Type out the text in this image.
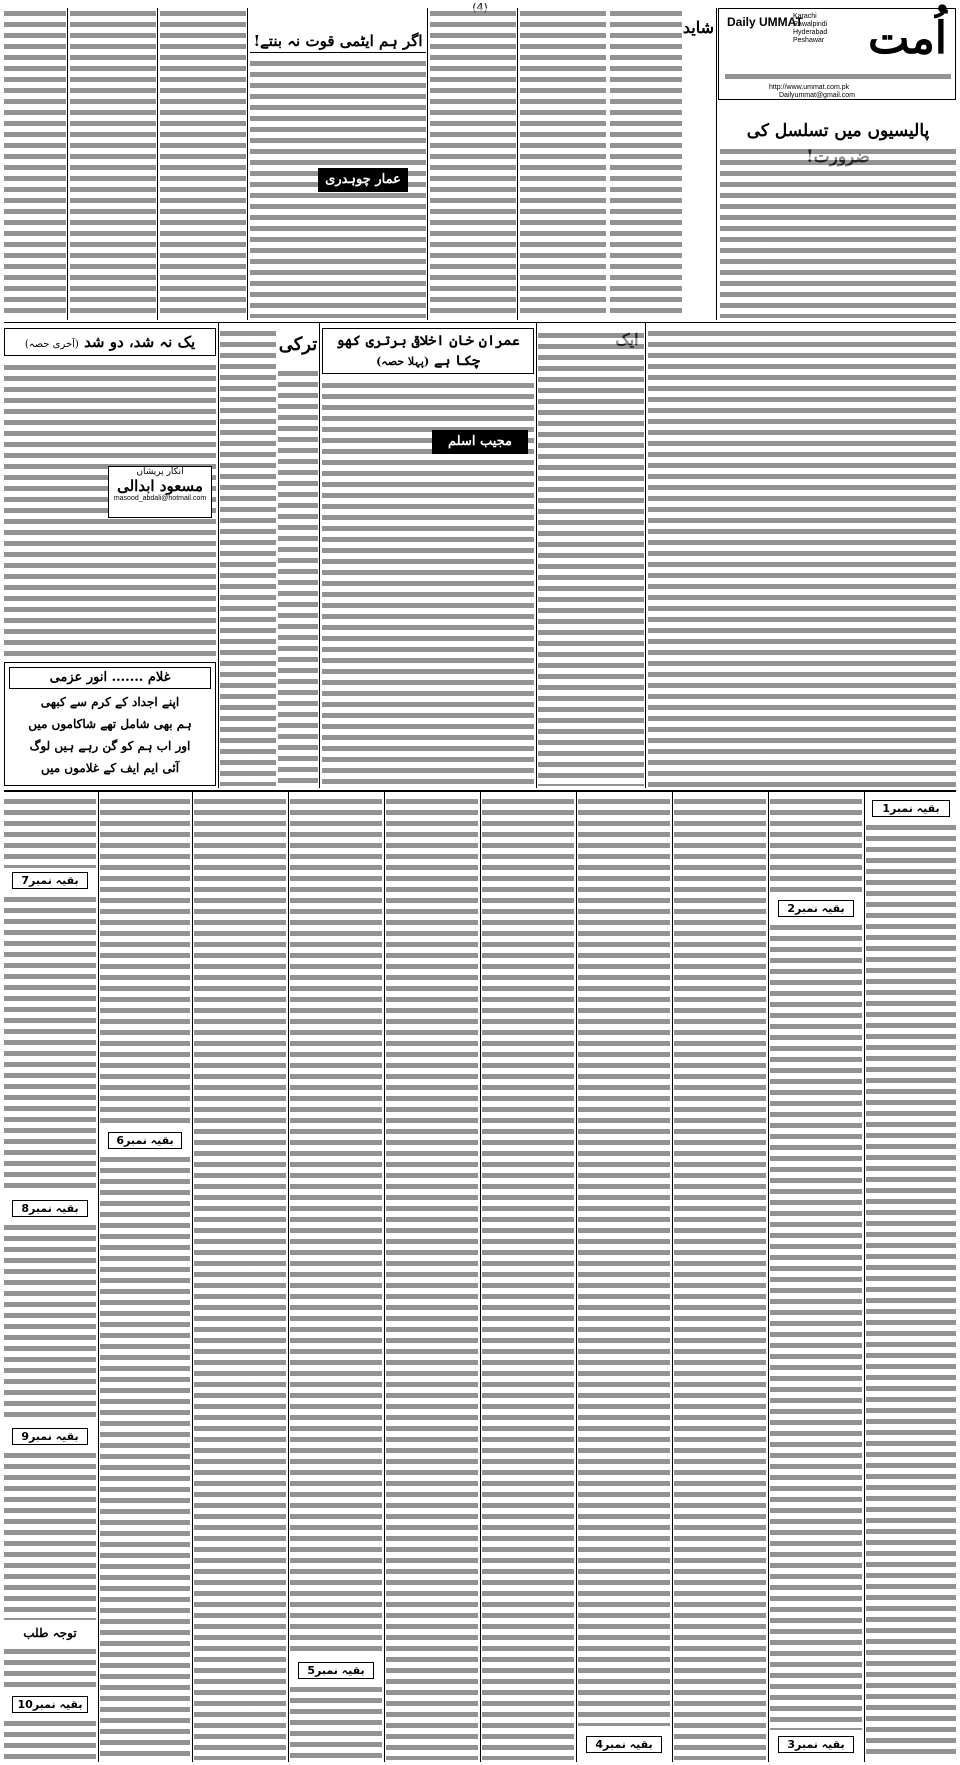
اُمت
Daily UMMAT
Karachi
Rawalpindi
Hyderabad
Peshawar
http://www.ummat.com.pk
Dailyummat@gmail.com
پالیسیوں میں تسلسل کی
شاید
اگر ہم ایٹمی قوت نہ بنتے!
عمار چوہدری
عمران خان اخلاقی برتری کھو چکا ہے (پہلا حصہ)
مجیب اسلم
ترکی
یک نہ شد، دو شد (آخری حصہ)
انکار پریشاں
مسعود ابدالی
masood_abdali@hotmail.com
غلام ....... انور عزمی
اپنے اجداد کے کرم سے کبھی
ہم بھی شامل تھے شاکاموں میں
اور اب ہم کو گن رہے ہیں لوگ
آئی ایم ایف کے غلاموں میں
بقیہ نمبر1
بقیہ نمبر2
بقیہ نمبر3
بقیہ نمبر4
بقیہ نمبر5
بقیہ نمبر6
بقیہ نمبر7
بقیہ نمبر8
بقیہ نمبر9
توجہ طلب
بقیہ نمبر10
